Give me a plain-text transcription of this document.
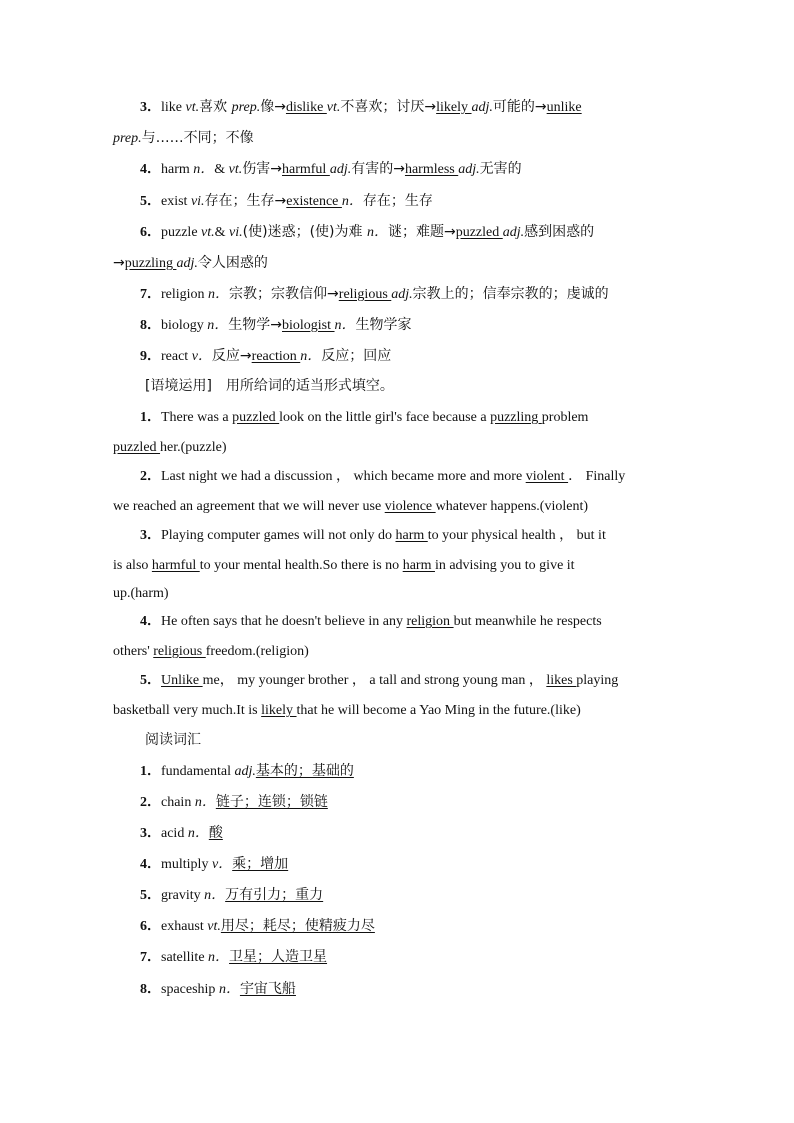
3．like vt.喜欢 prep.像→dislike vt.不喜欢；讨厌→likely adj.可能的→unlike
prep.与……不同；不像
4．harm n．& vt.伤害→harmful adj.有害的→harmless adj.无害的
5．exist vi.存在；生存→existence n．存在；生存
6．puzzle vt.& vi.(使)迷惑；(使)为难 n．谜；难题→puzzled adj.感到困惑的
→puzzling adj.令人困惑的
7．religion n．宗教；宗教信仰→religious adj.宗教上的；信奉宗教的；虔诚的
8．biology n．生物学→biologist n．生物学家
9．react v．反应→reaction n．反应；回应
[语境运用]　用所给词的适当形式填空。
1．There was a puzzled look on the little girl's face because a puzzling problem
puzzled her.(puzzle)
2．Last night we had a discussion ， which became more and more violent ． Finally
we reached an agreement that we will never use violence whatever happens.(violent)
3．Playing computer games will not only do harm to your physical health ， but it
is also harmful to your mental health.So there is no harm in advising you to give it
up.(harm)
4．He often says that he doesn't believe in any religion but meanwhile he respects
others' religious freedom.(religion)
5．Unlike me， my younger brother ， a tall and strong young man ， likes playing
basketball very much.It is likely that he will become a Yao Ming in the future.(like)
阅读词汇
1．fundamental adj.基本的；基础的
2．chain n．链子；连锁；锁链
3．acid n．酸
4．multiply v．乘；增加
5．gravity n．万有引力；重力
6．exhaust vt.用尽；耗尽；使精疲力尽
7．satellite n．卫星；人造卫星
8．spaceship n．宇宙飞船
